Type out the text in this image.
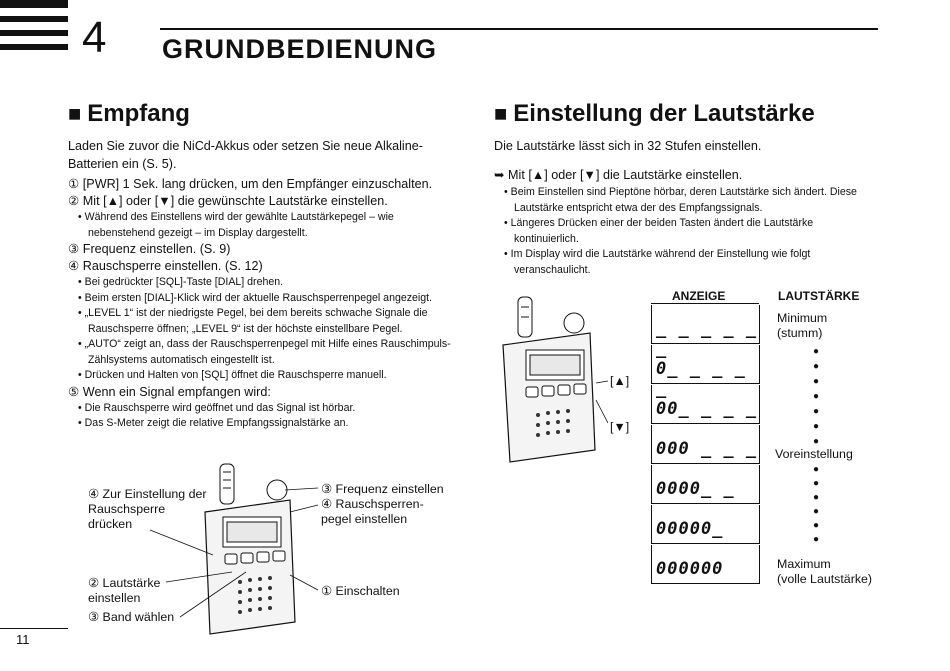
4 GRUNDBEDIENUNG
■ Empfang
Laden Sie zuvor die NiCd-Akkus oder setzen Sie neue Alkaline-Batterien ein (S. 5).
① [PWR] 1 Sek. lang drücken, um den Empfänger einzuschalten.
② Mit [▲] oder [▼] die gewünschte Lautstärke einstellen.
• Während des Einstellens wird der gewählte Lautstärkepegel – wie nebenstehend gezeigt – im Display dargestellt.
③ Frequenz einstellen. (S. 9)
④ Rauschsperre einstellen. (S. 12)
• Bei gedrückter [SQL]-Taste [DIAL] drehen.
• Beim ersten [DIAL]-Klick wird der aktuelle Rauschsperrenpegel angezeigt.
• „LEVEL 1“ ist der niedrigste Pegel, bei dem bereits schwache Signale die Rauschsperre öffnen; „LEVEL 9“ ist der höchste einstellbare Pegel.
• „AUTO“ zeigt an, dass der Rauschsperrenpegel mit Hilfe eines Rauschimpuls-Zählsystems automatisch eingestellt ist.
• Drücken und Halten von [SQL] öffnet die Rauschsperre manuell.
⑤ Wenn ein Signal empfangen wird:
• Die Rauschsperre wird geöffnet und das Signal ist hörbar.
• Das S-Meter zeigt die relative Empfangssignalstärke an.
④ Zur Einstellung der
Rauschsperre
drücken
③ Frequenz einstellen
④ Rauschsperren-
pegel einstellen
② Lautstärke
einstellen
③ Band wählen
① Einschalten
■ Einstellung der Lautstärke
Die Lautstärke lässt sich in 32 Stufen einstellen.
➥ Mit [▲] oder [▼] die Lautstärke einstellen.
• Beim Einstellen sind Pieptöne hörbar, deren Lautstärke sich ändert. Diese Lautstärke entspricht etwa der des Empfangssignals.
• Längeres Drücken einer der beiden Tasten ändert die Lautstärke kontinuierlich.
• Im Display wird die Lautstärke während der Einstellung wie folgt veranschaulicht.
[▲]
[▼]
ANZEIGE	LAUTSTÄRKE
_ _ _ _ _ _
0_ _ _ _ _
00_ _ _ _
000 _ _ _
0000_ _
00000_
000000
Minimum
(stumm)
Voreinstellung
Maximum
(volle Lautstärke)
●
●
●
●
●
●
●
●
●
●
●
●
●
11
